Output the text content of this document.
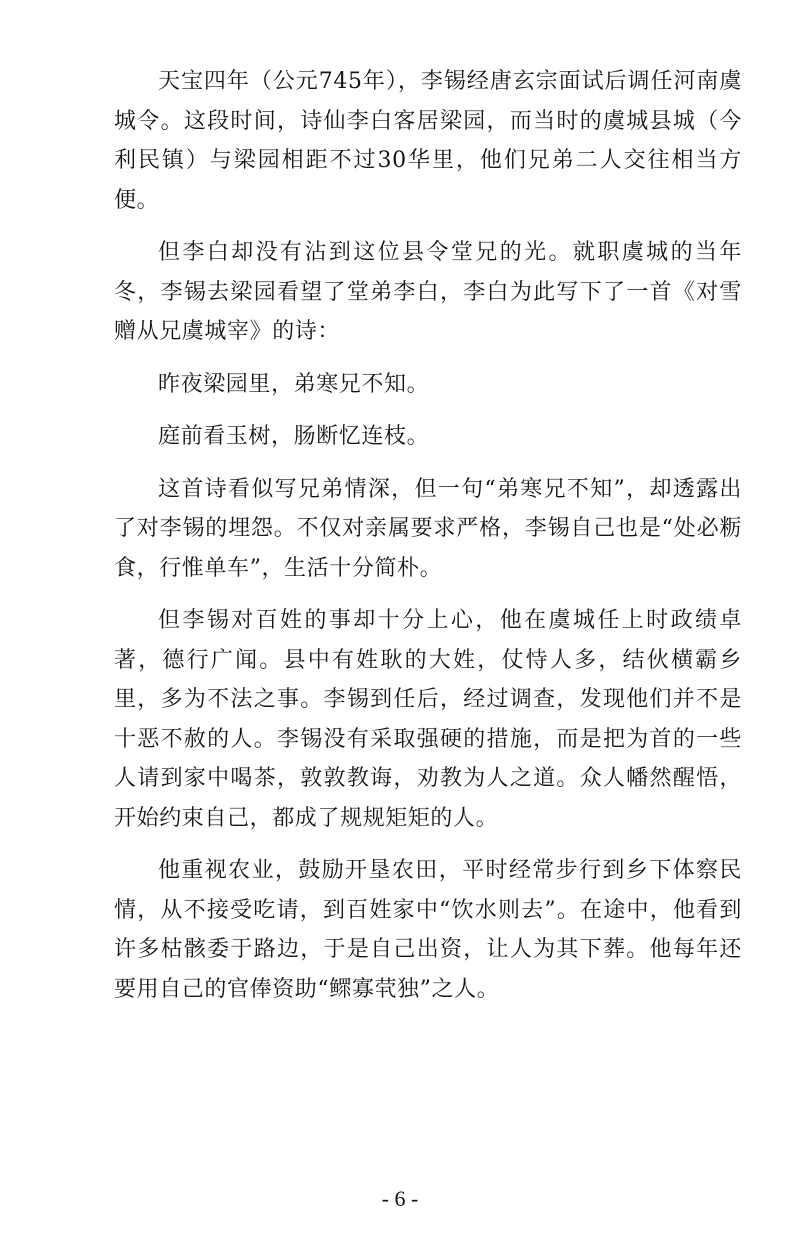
天宝四年（公元745年），李锡经唐玄宗面试后调任河南虞城令。这段时间，诗仙李白客居梁园，而当时的虞城县城（今利民镇）与梁园相距不过30华里，他们兄弟二人交往相当方便。

但李白却没有沾到这位县令堂兄的光。就职虞城的当年冬，李锡去梁园看望了堂弟李白，李白为此写下了一首《对雪赠从兄虞城宰》的诗：

昨夜梁园里，弟寒兄不知。

庭前看玉树，肠断忆连枝。

这首诗看似写兄弟情深，但一句“弟寒兄不知”，却透露出了对李锡的埋怨。不仅对亲属要求严格，李锡自己也是“处必粝食，行惟单车”，生活十分简朴。

但李锡对百姓的事却十分上心，他在虞城任上时政绩卓著，德行广闻。县中有姓耿的大姓，仗恃人多，结伙横霸乡里，多为不法之事。李锡到任后，经过调查，发现他们并不是十恶不赦的人。李锡没有采取强硬的措施，而是把为首的一些人请到家中喝茶，敦敦教诲，劝教为人之道。众人幡然醒悟，开始约束自己，都成了规规矩矩的人。

他重视农业，鼓励开垦农田，平时经常步行到乡下体察民情，从不接受吃请，到百姓家中“饮水则去”。在途中，他看到许多枯骸委于路边，于是自己出资，让人为其下葬。他每年还要用自己的官俸资助“鳏寡茕独”之人。

- 6 -
